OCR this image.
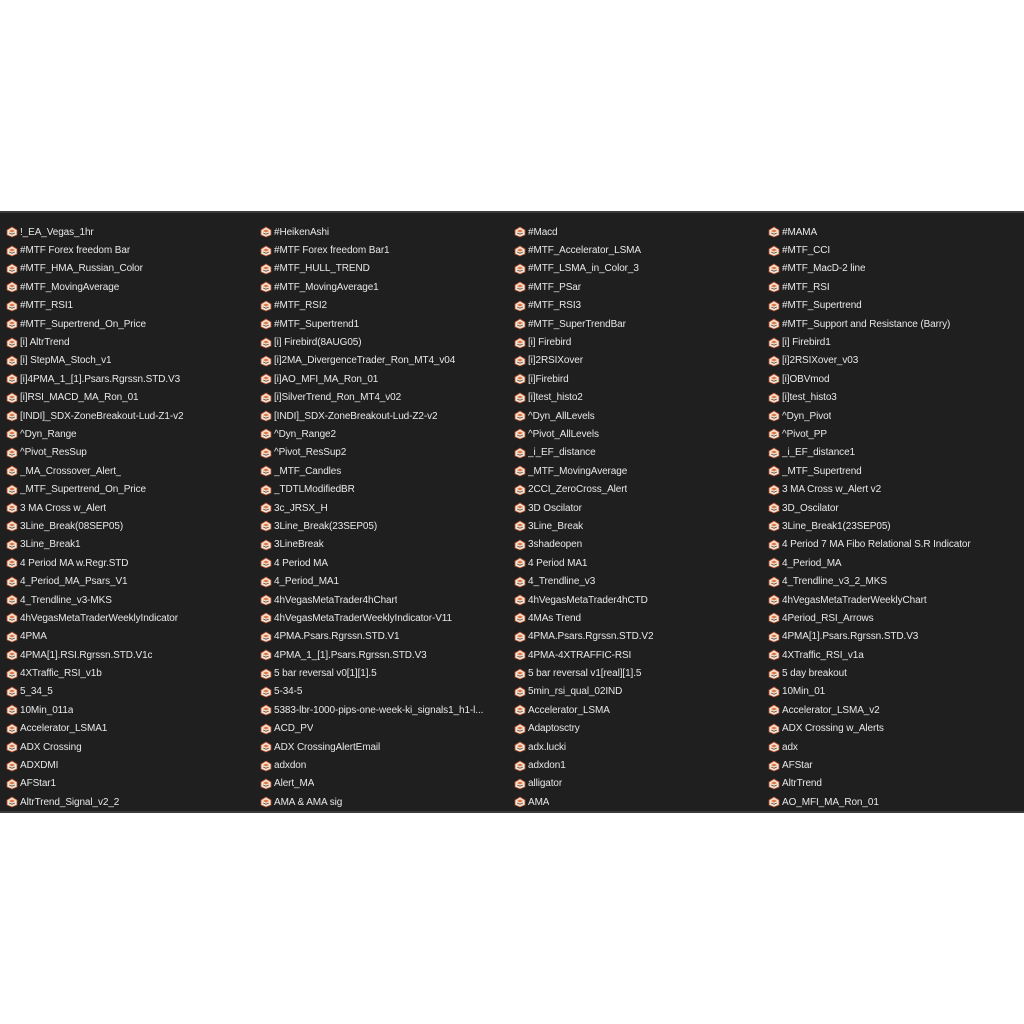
!_EA_Vegas_1hr
#MTF Forex freedom Bar
#MTF_HMA_Russian_Color
#MTF_MovingAverage
#MTF_RSI1
#MTF_Supertrend_On_Price
[i] AltrTrend
[i] StepMA_Stoch_v1
[i]4PMA_1_[1].Psars.Rgrssn.STD.V3
[i]RSI_MACD_MA_Ron_01
[INDI]_SDX-ZoneBreakout-Lud-Z1-v2
^Dyn_Range
^Pivot_ResSup
_MA_Crossover_Alert_
_MTF_Supertrend_On_Price
3 MA Cross w_Alert
3Line_Break(08SEP05)
3Line_Break1
4 Period MA w.Regr.STD
4_Period_MA_Psars_V1
4_Trendline_v3-MKS
4hVegasMetaTraderWeeklyIndicator
4PMA
4PMA[1].RSI.Rgrssn.STD.V1c
4XTraffic_RSI_v1b
5_34_5
10Min_011a
Accelerator_LSMA1
ADX Crossing
ADXDMI
AFStar1
AltrTrend_Signal_v2_2
#HeikenAshi
#MTF Forex freedom Bar1
#MTF_HULL_TREND
#MTF_MovingAverage1
#MTF_RSI2
#MTF_Supertrend1
[i] Firebird(8AUG05)
[i]2MA_DivergenceTrader_Ron_MT4_v04
[i]AO_MFI_MA_Ron_01
[i]SilverTrend_Ron_MT4_v02
[INDI]_SDX-ZoneBreakout-Lud-Z2-v2
^Dyn_Range2
^Pivot_ResSup2
_MTF_Candles
_TDTLModifiedBR
3c_JRSX_H
3Line_Break(23SEP05)
3LineBreak
4 Period MA
4_Period_MA1
4hVegasMetaTrader4hChart
4hVegasMetaTraderWeeklyIndicator-V11
4PMA.Psars.Rgrssn.STD.V1
4PMA_1_[1].Psars.Rgrssn.STD.V3
5 bar reversal v0[1][1].5
5-34-5
5383-lbr-1000-pips-one-week-ki_signals1_h1-l...
ACD_PV
ADX CrossingAlertEmail
adxdon
Alert_MA
AMA & AMA sig
#Macd
#MTF_Accelerator_LSMA
#MTF_LSMA_in_Color_3
#MTF_PSar
#MTF_RSI3
#MTF_SuperTrendBar
[i] Firebird
[i]2RSIXover
[i]Firebird
[i]test_histo2
^Dyn_AllLevels
^Pivot_AllLevels
_i_EF_distance
_MTF_MovingAverage
2CCI_ZeroCross_Alert
3D Oscilator
3Line_Break
3shadeopen
4 Period MA1
4_Trendline_v3
4hVegasMetaTrader4hCTD
4MAs Trend
4PMA.Psars.Rgrssn.STD.V2
4PMA-4XTRAFFIC-RSI
5 bar reversal v1[real][1].5
5min_rsi_qual_02IND
Accelerator_LSMA
Adaptosctry
adx.lucki
adxdon1
alligator
AMA
#MAMA
#MTF_CCI
#MTF_MacD-2 line
#MTF_RSI
#MTF_Supertrend
#MTF_Support and Resistance (Barry)
[i] Firebird1
[i]2RSIXover_v03
[i]OBVmod
[i]test_histo3
^Dyn_Pivot
^Pivot_PP
_i_EF_distance1
_MTF_Supertrend
3 MA Cross w_Alert v2
3D_Oscilator
3Line_Break1(23SEP05)
4 Period 7 MA Fibo Relational S.R Indicator
4_Period_MA
4_Trendline_v3_2_MKS
4hVegasMetaTraderWeeklyChart
4Period_RSI_Arrows
4PMA[1].Psars.Rgrssn.STD.V3
4XTraffic_RSI_v1a
5 day breakout
10Min_01
Accelerator_LSMA_v2
ADX Crossing w_Alerts
adx
AFStar
AltrTrend
AO_MFI_MA_Ron_01
